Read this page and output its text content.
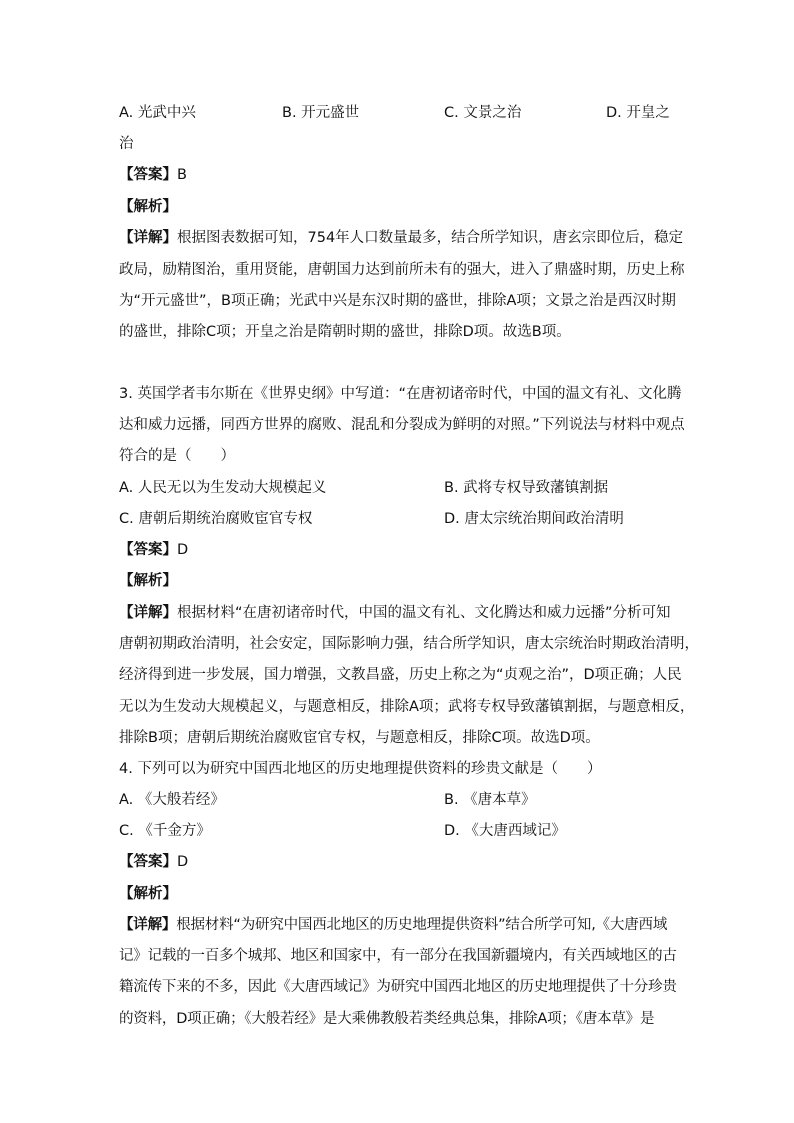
A. 光武中兴	B. 开元盛世	C. 文景之治	D. 开皇之
治
【答案】B
【解析】
【详解】根据图表数据可知，754年人口数量最多，结合所学知识，唐玄宗即位后，稳定
政局，励精图治，重用贤能，唐朝国力达到前所未有的强大，进入了鼎盛时期，历史上称
为“开元盛世”，B项正确；光武中兴是东汉时期的盛世，排除A项；文景之治是西汉时期
的盛世，排除C项；开皇之治是隋朝时期的盛世，排除D项。故选B项。
3. 英国学者韦尔斯在《世界史纲》中写道：“在唐初诸帝时代，中国的温文有礼、文化腾
达和威力远播，同西方世界的腐败、混乱和分裂成为鲜明的对照。”下列说法与材料中观点
符合的是（　　）
A. 人民无以为生发动大规模起义	B. 武将专权导致藩镇割据
C. 唐朝后期统治腐败宦官专权	D. 唐太宗统治期间政治清明
【答案】D
【解析】
【详解】根据材料“在唐初诸帝时代，中国的温文有礼、文化腾达和威力远播”分析可知
唐朝初期政治清明，社会安定，国际影响力强，结合所学知识，唐太宗统治时期政治清明，
经济得到进一步发展，国力增强，文教昌盛，历史上称之为“贞观之治”，D项正确；人民
无以为生发动大规模起义，与题意相反，排除A项；武将专权导致藩镇割据，与题意相反，
排除B项；唐朝后期统治腐败宦官专权，与题意相反，排除C项。故选D项。
4. 下列可以为研究中国西北地区的历史地理提供资料的珍贵文献是（　　）
A. 《大般若经》	B. 《唐本草》
C. 《千金方》	D. 《大唐西域记》
【答案】D
【解析】
【详解】根据材料“为研究中国西北地区的历史地理提供资料”结合所学可知,《大唐西域
记》记载的一百多个城邦、地区和国家中，有一部分在我国新疆境内，有关西域地区的古
籍流传下来的不多，因此《大唐西域记》为研究中国西北地区的历史地理提供了十分珍贵
的资料，D项正确；《大般若经》是大乘佛教般若类经典总集，排除A项；《唐本草》是
